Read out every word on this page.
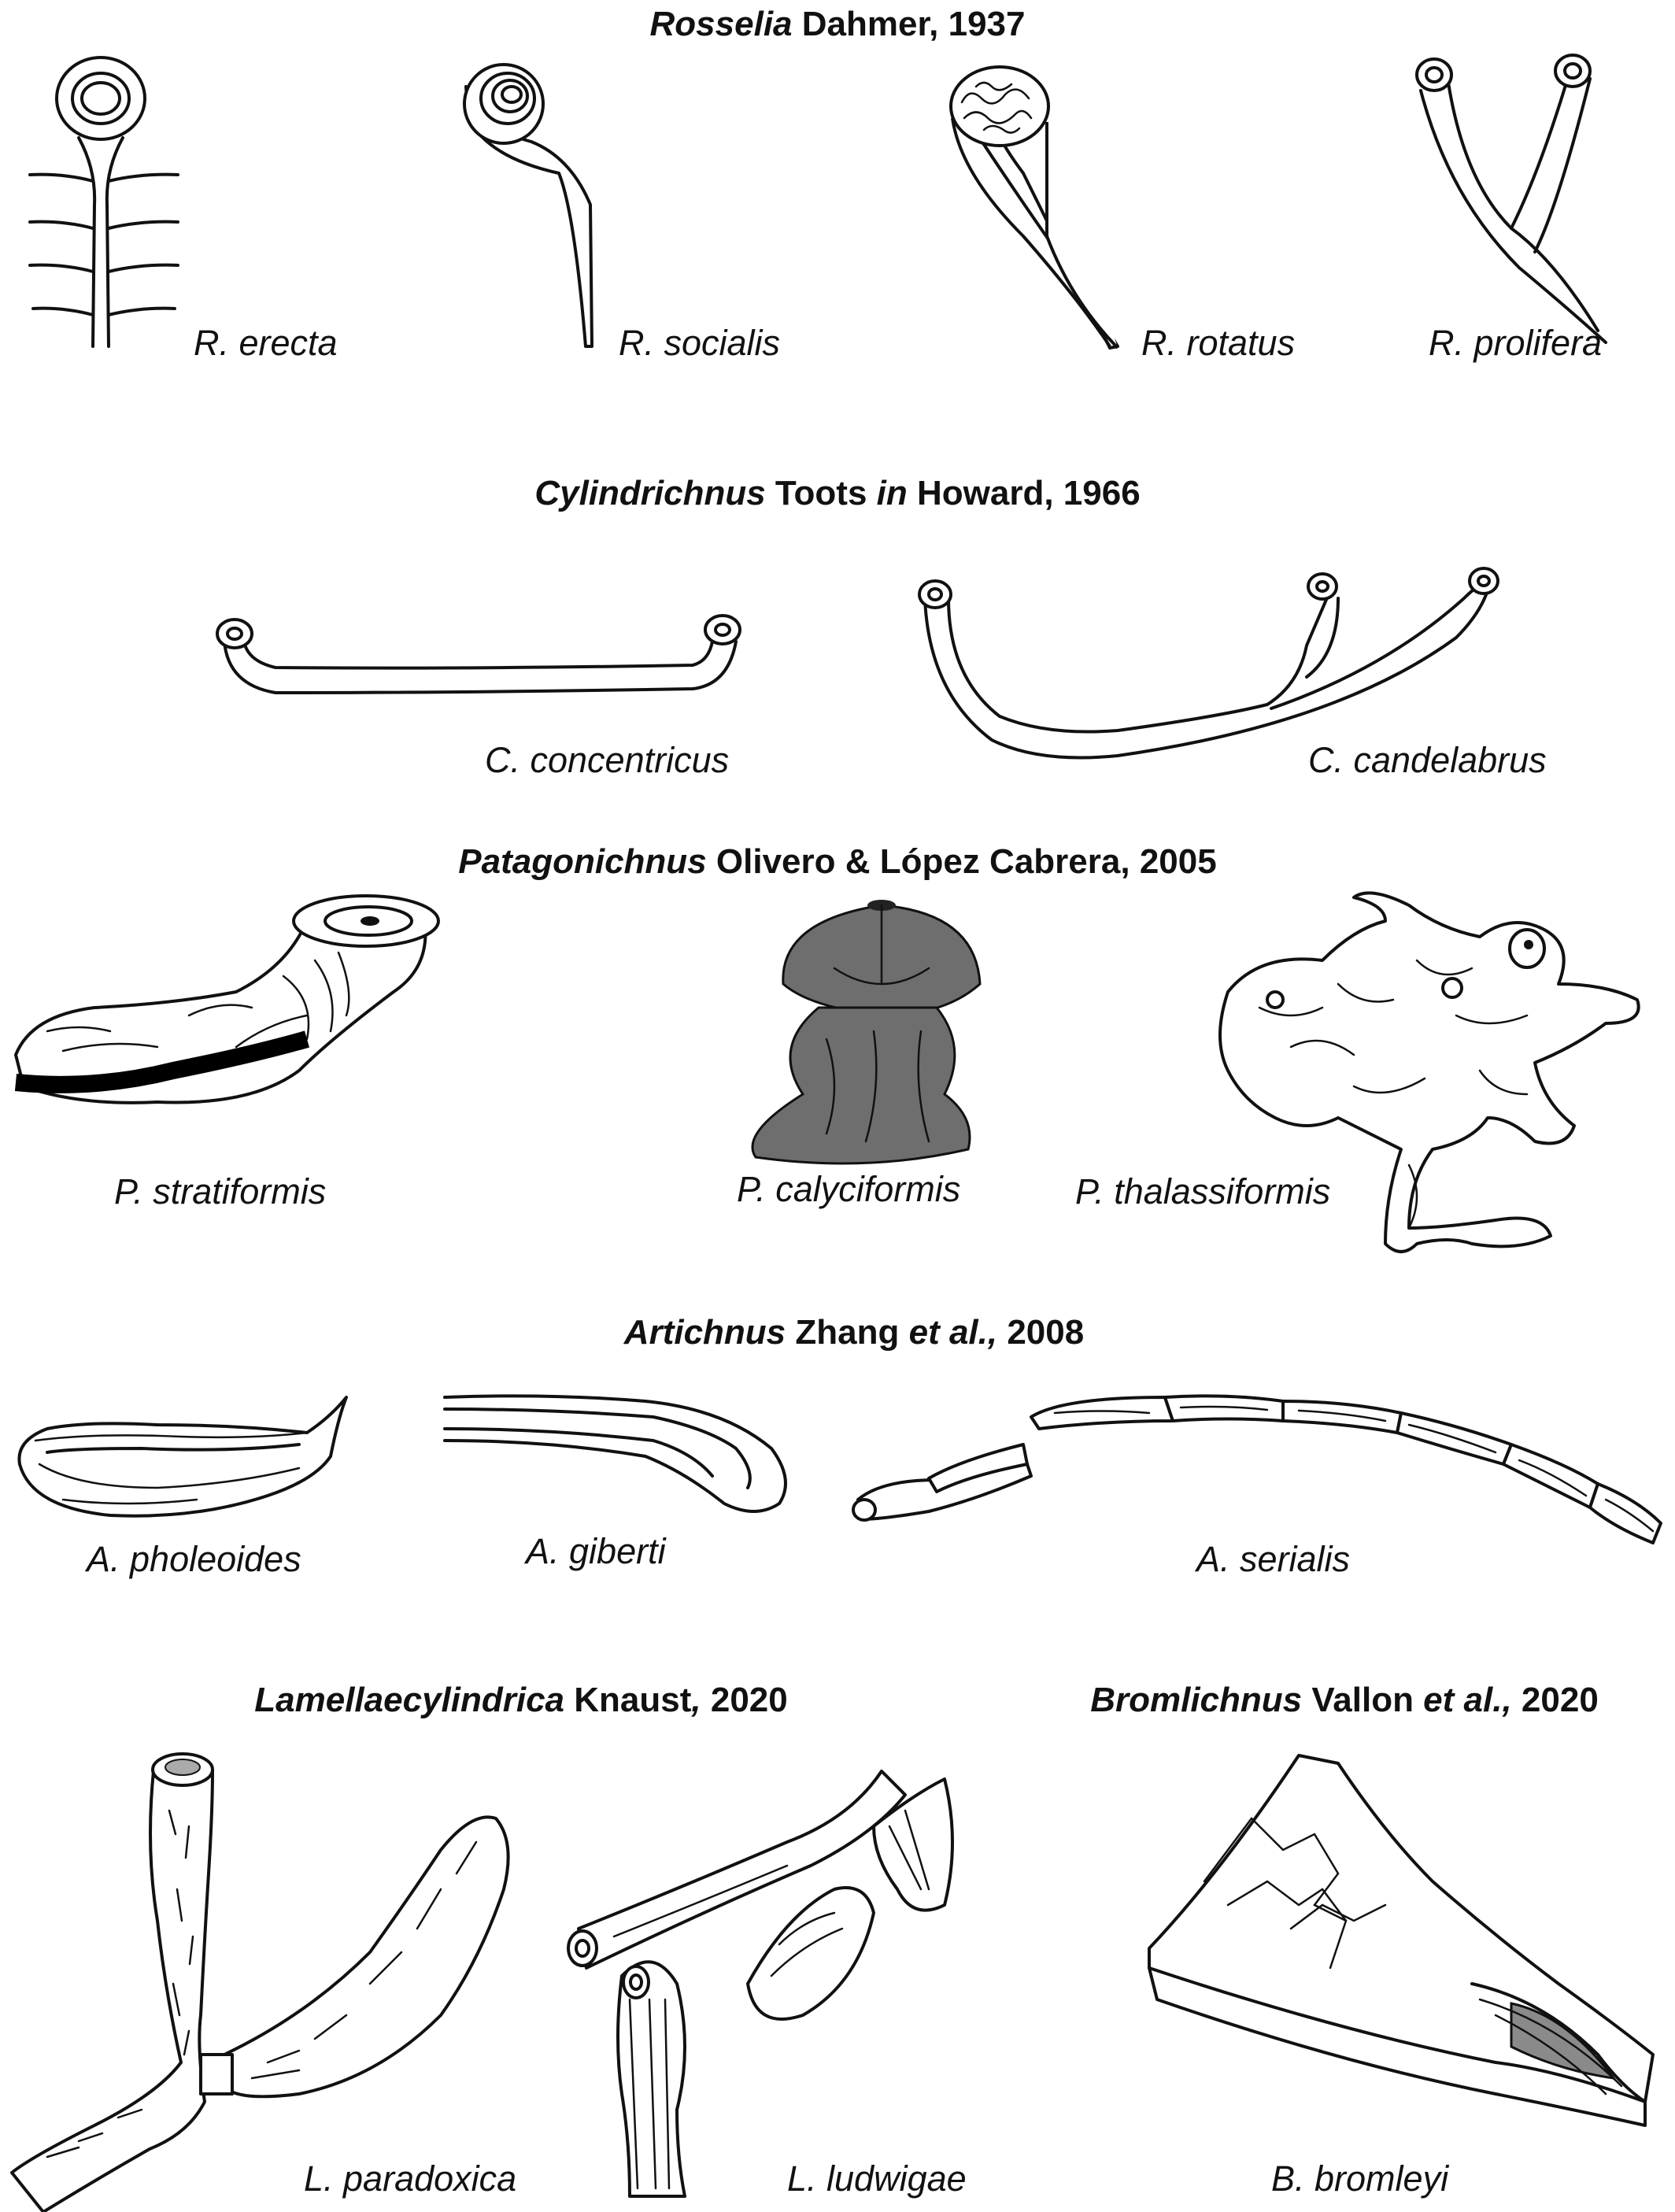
Rosselia Dahmer, 1937
Cylindrichnus Toots in Howard, 1966
Patagonichnus Olivero & López Cabrera, 2005
Artichnus Zhang et al., 2008
Lamellaecylindrica Knaust, 2020	Bromlichnus Vallon et al., 2020
R. erecta	R. socialis	R. rotatus	R. prolifera
C. concentricus	C. candelabrus
P. stratiformis	P. calyciformis	P. thalassiformis
A. pholeoides	A. giberti	A. serialis
L. paradoxica	L. ludwigae	B. bromleyi
